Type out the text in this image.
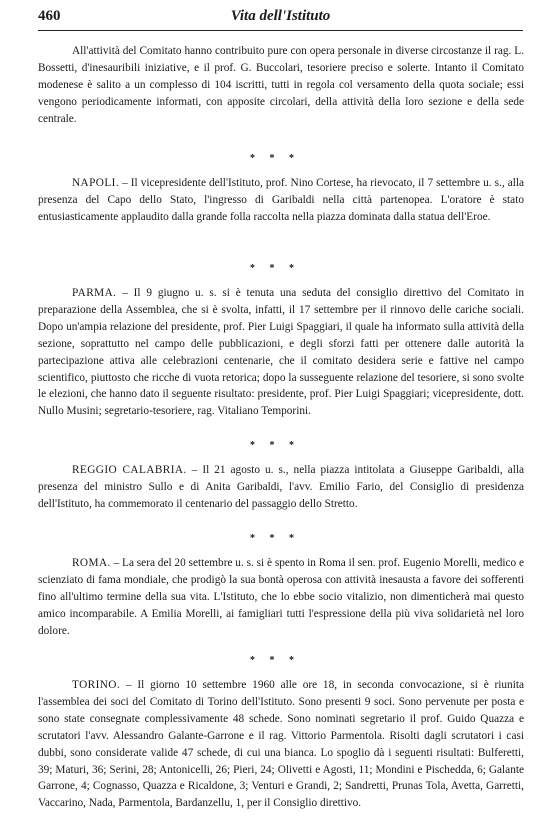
460	Vita dell'Istituto

All'attività del Comitato hanno contribuito pure con opera personale in diverse circostanze il rag. L. Bossetti, d'inesauribili iniziative, e il prof. G. Buccolari, tesoriere preciso e solerte. Intanto il Comitato modenese è salito a un complesso di 104 iscritti, tutti in regola col versamento della quota sociale; essi vengono periodicamente informati, con apposite circolari, della attività della loro sezione e della sede centrale.

* * *

NAPOLI. – Il vicepresidente dell'Istituto, prof. Nino Cortese, ha rievocato, il 7 settembre u. s., alla presenza del Capo dello Stato, l'ingresso di Garibaldi nella città partenopea. L'oratore è stato entusiasticamente applaudito dalla grande folla raccolta nella piazza dominata dalla statua dell'Eroe.

* * *

PARMA. – Il 9 giugno u. s. si è tenuta una seduta del consiglio direttivo del Comitato in preparazione della Assemblea, che si è svolta, infatti, il 17 settembre per il rinnovo delle cariche sociali. Dopo un'ampia relazione del presidente, prof. Pier Luigi Spaggiari, il quale ha informato sulla attività della sezione, soprattutto nel campo delle pubblicazioni, e degli sforzi fatti per ottenere dalle autorità la partecipazione attiva alle celebrazioni centenarie, che il comitato desidera serie e fattive nel campo scientifico, piuttosto che ricche di vuota retorica; dopo la susseguente relazione del tesoriere, si sono svolte le elezioni, che hanno dato il seguente risultato: presidente, prof. Pier Luigi Spaggiari; vicepresidente, dott. Nullo Musini; segretario-tesoriere, rag. Vitaliano Temporini.

* * *

REGGIO CALABRIA. – Il 21 agosto u. s., nella piazza intitolata a Giuseppe Garibaldi, alla presenza del ministro Sullo e di Anita Garibaldi, l'avv. Emilio Fario, del Consiglio di presidenza dell'Istituto, ha commemorato il centenario del passaggio dello Stretto.

* * *

ROMA. – La sera del 20 settembre u. s. si è spento in Roma il sen. prof. Eugenio Morelli, medico e scienziato di fama mondiale, che prodigò la sua bontà operosa con attività inesausta a favore dei sofferenti fino all'ultimo termine della sua vita. L'Istituto, che lo ebbe socio vitalizio, non dimenticherà mai questo amico incomparabile. A Emilia Morelli, ai famigliari tutti l'espressione della più viva solidarietà nel loro dolore.

* * *

TORINO. – Il giorno 10 settembre 1960 alle ore 18, in seconda convocazione, si è riunita l'assemblea dei soci del Comitato di Torino dell'Istituto. Sono presenti 9 soci. Sono pervenute per posta e sono state consegnate complessivamente 48 schede. Sono nominati segretario il prof. Guido Quazza e scrutatori l'avv. Alessandro Galante-Garrone e il rag. Vittorio Parmentola. Risolti dagli scrutatori i casi dubbi, sono considerate valide 47 schede, di cui una bianca. Lo spoglio dà i seguenti risultati: Bulferetti, 39; Maturi, 36; Serini, 28; Antonicelli, 26; Pieri, 24; Olivetti e Agosti, 11; Mondini e Pischedda, 6; Galante Garrone, 4; Cognasso, Quazza e Ricaldone, 3; Venturi e Grandi, 2; Sandretti, Prunas Tola, Avetta, Garretti, Vaccarino, Nada, Parmentola, Bardanzellu, 1, per il Consiglio direttivo.
